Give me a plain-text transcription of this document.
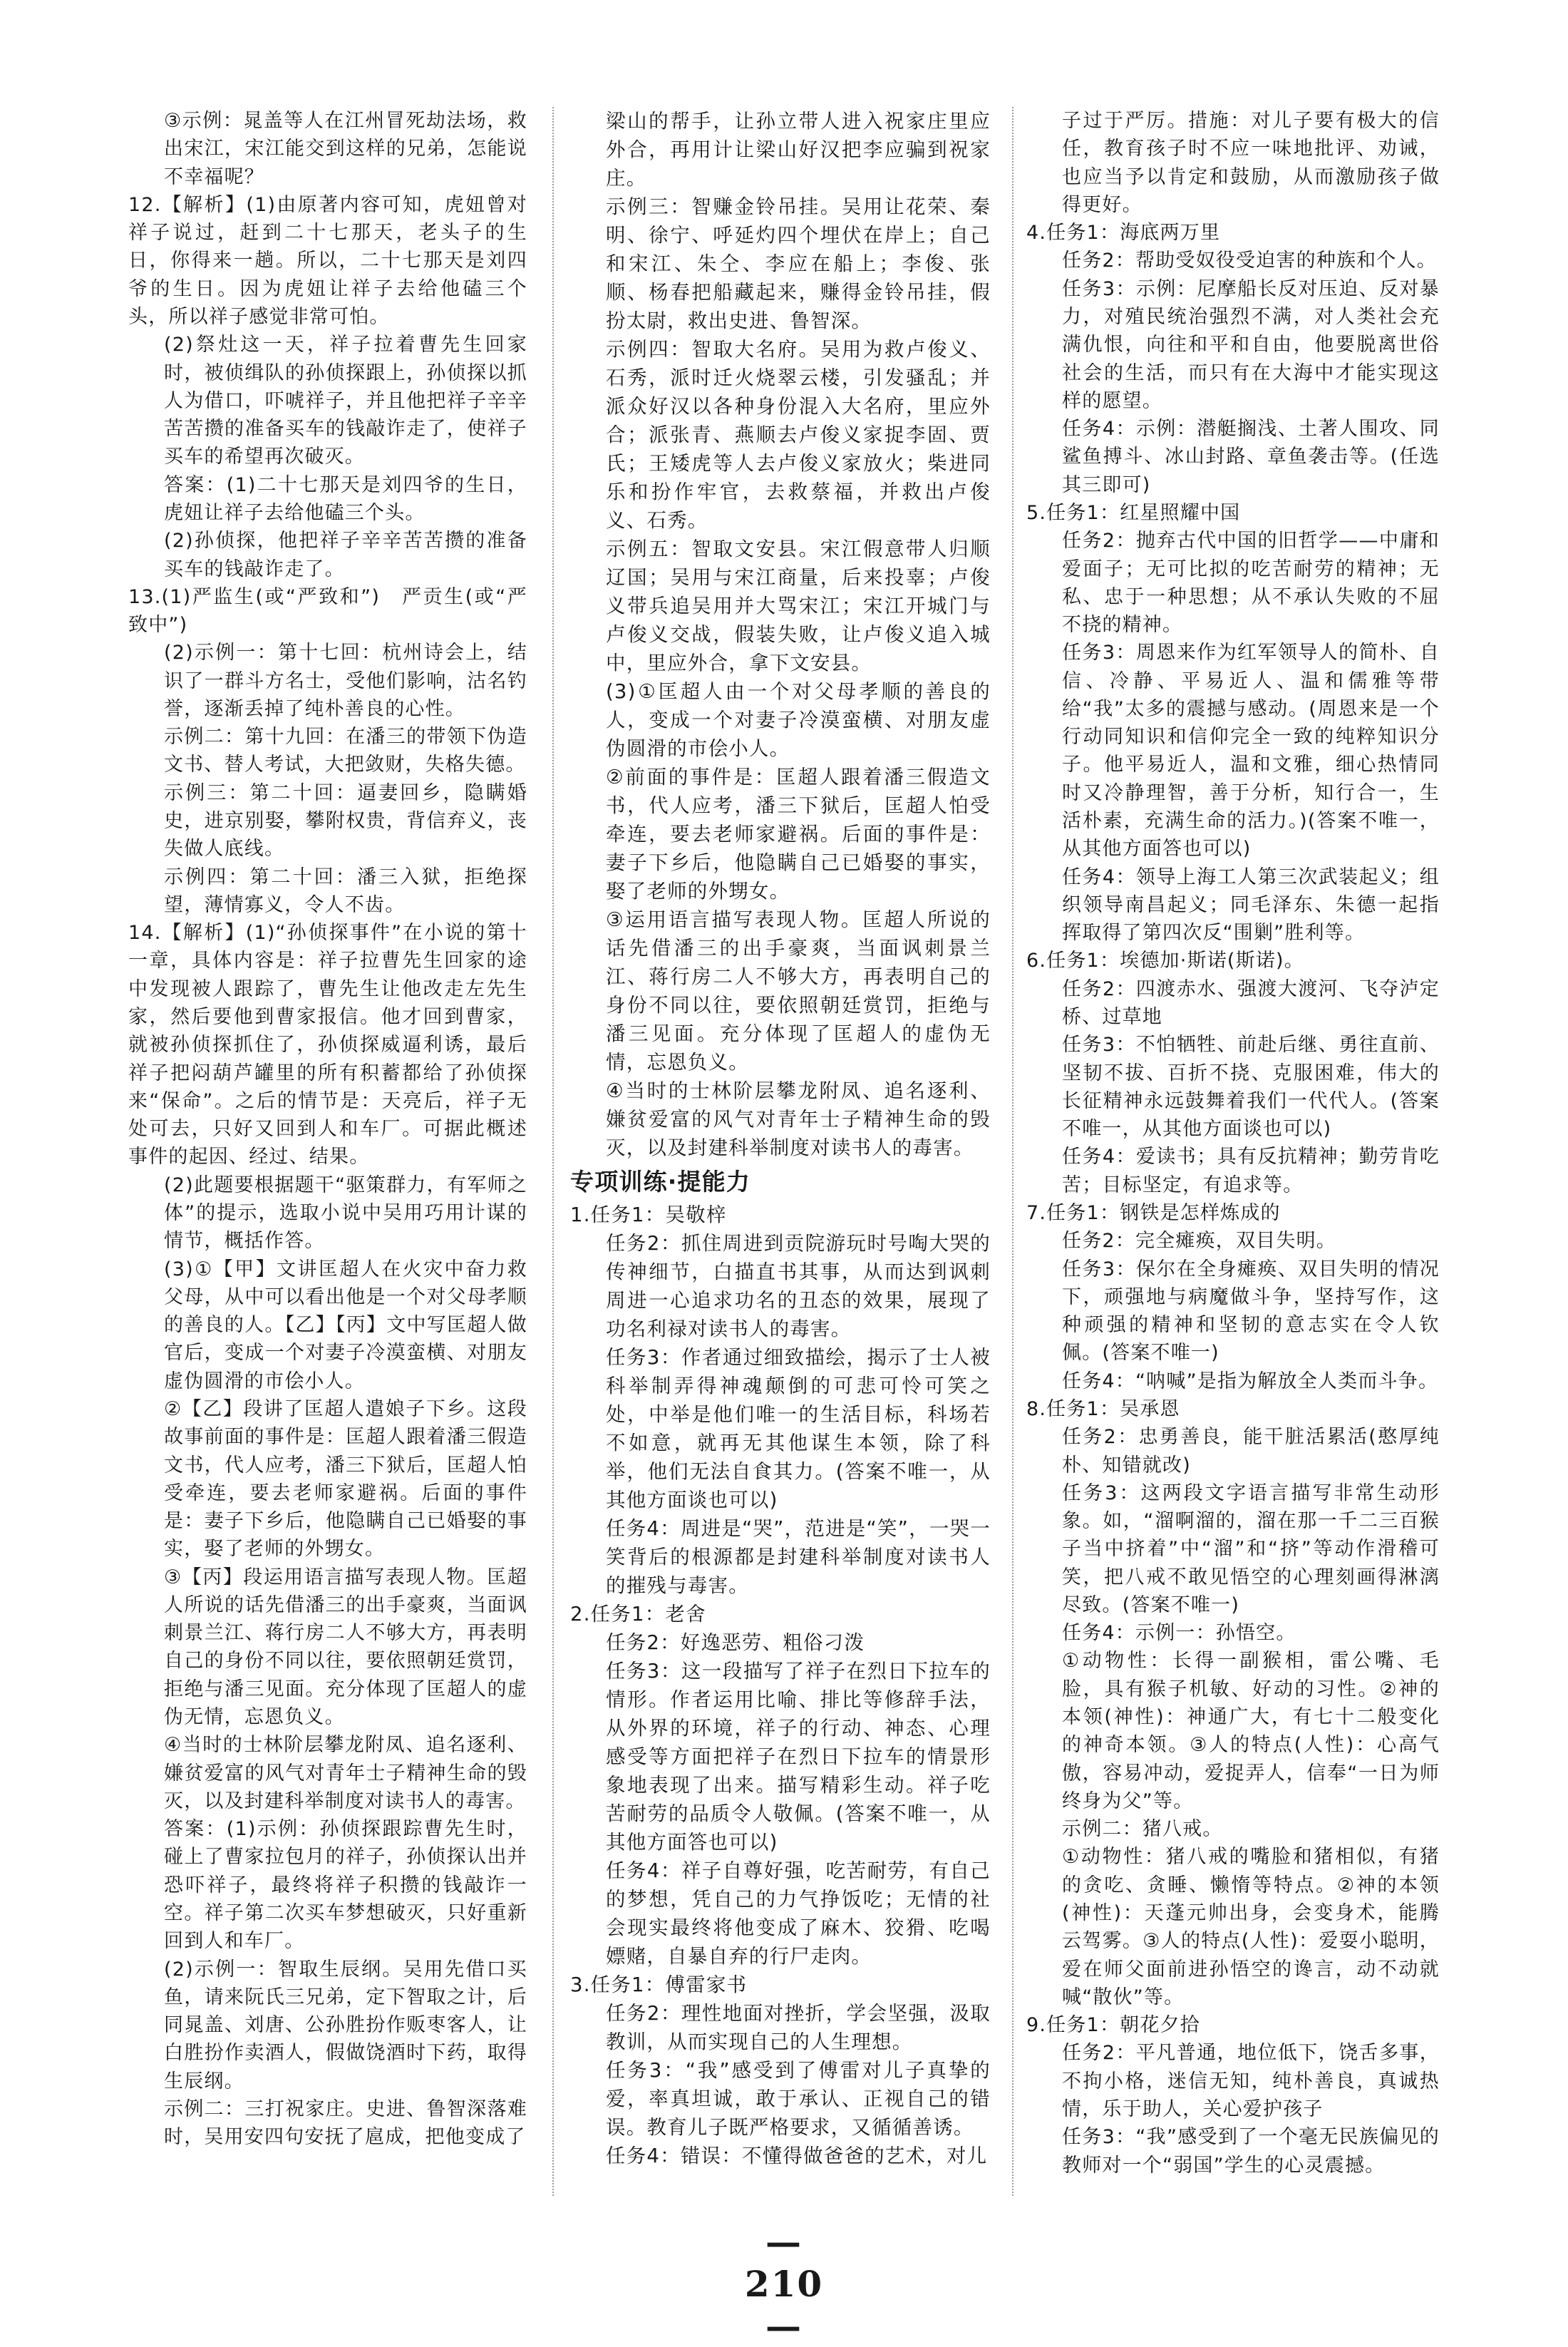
③示例：晁盖等人在江州冒死劫法场，救出宋江，宋江能交到这样的兄弟，怎能说不幸福呢？

12.【解析】(1)由原著内容可知，虎妞曾对祥子说过，赶到二十七那天，老头子的生日，你得来一趟。所以，二十七那天是刘四爷的生日。因为虎妞让祥子去给他磕三个头，所以祥子感觉非常可怕。

(2)祭灶这一天，祥子拉着曹先生回家时，被侦缉队的孙侦探跟上，孙侦探以抓人为借口，吓唬祥子，并且他把祥子辛辛苦苦攒的准备买车的钱敲诈走了，使祥子买车的希望再次破灭。

答案：(1)二十七那天是刘四爷的生日，虎妞让祥子去给他磕三个头。

(2)孙侦探，他把祥子辛辛苦苦攒的准备买车的钱敲诈走了。

13.(1)严监生(或“严致和”)　严贡生(或“严致中”)

(2)示例一：第十七回：杭州诗会上，结识了一群斗方名士，受他们影响，沽名钓誉，逐渐丢掉了纯朴善良的心性。

示例二：第十九回：在潘三的带领下伪造文书、替人考试，大把敛财，失格失德。

示例三：第二十回：逼妻回乡，隐瞒婚史，进京别娶，攀附权贵，背信弃义，丧失做人底线。

示例四：第二十回：潘三入狱，拒绝探望，薄情寡义，令人不齿。

14.【解析】(1)“孙侦探事件”在小说的第十一章，具体内容是：祥子拉曹先生回家的途中发现被人跟踪了，曹先生让他改走左先生家，然后要他到曹家报信。他才回到曹家，就被孙侦探抓住了，孙侦探威逼利诱，最后祥子把闷葫芦罐里的所有积蓄都给了孙侦探来“保命”。之后的情节是：天亮后，祥子无处可去，只好又回到人和车厂。可据此概述事件的起因、经过、结果。

(2)此题要根据题干“驱策群力，有军师之体”的提示，选取小说中吴用巧用计谋的情节，概括作答。

(3)①【甲】文讲匡超人在火灾中奋力救父母，从中可以看出他是一个对父母孝顺的善良的人。【乙】【丙】文中写匡超人做官后，变成一个对妻子冷漠蛮横、对朋友虚伪圆滑的市侩小人。

②【乙】段讲了匡超人遣娘子下乡。这段故事前面的事件是：匡超人跟着潘三假造文书，代人应考，潘三下狱后，匡超人怕受牵连，要去老师家避祸。后面的事件是：妻子下乡后，他隐瞒自己已婚娶的事实，娶了老师的外甥女。

③【丙】段运用语言描写表现人物。匡超人所说的话先借潘三的出手豪爽，当面讽刺景兰江、蒋行房二人不够大方，再表明自己的身份不同以往，要依照朝廷赏罚，拒绝与潘三见面。充分体现了匡超人的虚伪无情，忘恩负义。

④当时的士林阶层攀龙附凤、追名逐利、嫌贫爱富的风气对青年士子精神生命的毁灭，以及封建科举制度对读书人的毒害。

答案：(1)示例：孙侦探跟踪曹先生时，碰上了曹家拉包月的祥子，孙侦探认出并恐吓祥子，最终将祥子积攒的钱敲诈一空。祥子第二次买车梦想破灭，只好重新回到人和车厂。

(2)示例一：智取生辰纲。吴用先借口买鱼，请来阮氏三兄弟，定下智取之计，后同晁盖、刘唐、公孙胜扮作贩枣客人，让白胜扮作卖酒人，假做饶酒时下药，取得生辰纲。

示例二：三打祝家庄。史进、鲁智深落难时，吴用安四句安抚了扈成，把他变成了

梁山的帮手，让孙立带人进入祝家庄里应外合，再用计让梁山好汉把李应骗到祝家庄。

示例三：智赚金铃吊挂。吴用让花荣、秦明、徐宁、呼延灼四个埋伏在岸上；自己和宋江、朱仝、李应在船上；李俊、张顺、杨春把船藏起来，赚得金铃吊挂，假扮太尉，救出史进、鲁智深。

示例四：智取大名府。吴用为救卢俊义、石秀，派时迁火烧翠云楼，引发骚乱；并派众好汉以各种身份混入大名府，里应外合；派张青、燕顺去卢俊义家捉李固、贾氏；王矮虎等人去卢俊义家放火；柴进同乐和扮作牢官，去救蔡福，并救出卢俊义、石秀。

示例五：智取文安县。宋江假意带人归顺辽国；吴用与宋江商量，后来投辜；卢俊义带兵追吴用并大骂宋江；宋江开城门与卢俊义交战，假装失败，让卢俊义追入城中，里应外合，拿下文安县。

(3)①匡超人由一个对父母孝顺的善良的人，变成一个对妻子冷漠蛮横、对朋友虚伪圆滑的市侩小人。

②前面的事件是：匡超人跟着潘三假造文书，代人应考，潘三下狱后，匡超人怕受牵连，要去老师家避祸。后面的事件是：妻子下乡后，他隐瞒自己已婚娶的事实，娶了老师的外甥女。

③运用语言描写表现人物。匡超人所说的话先借潘三的出手豪爽，当面讽刺景兰江、蒋行房二人不够大方，再表明自己的身份不同以往，要依照朝廷赏罚，拒绝与潘三见面。充分体现了匡超人的虚伪无情，忘恩负义。

④当时的士林阶层攀龙附凤、追名逐利、嫌贫爱富的风气对青年士子精神生命的毁灭，以及封建科举制度对读书人的毒害。

专项训练·提能力

1.任务1：吴敬梓

任务2：抓住周进到贡院游玩时号啕大哭的传神细节，白描直书其事，从而达到讽刺周进一心追求功名的丑态的效果，展现了功名利禄对读书人的毒害。

任务3：作者通过细致描绘，揭示了士人被科举制弄得神魂颠倒的可悲可怜可笑之处，中举是他们唯一的生活目标，科场若不如意，就再无其他谋生本领，除了科举，他们无法自食其力。(答案不唯一，从其他方面谈也可以)

任务4：周进是“哭”，范进是“笑”，一哭一笑背后的根源都是封建科举制度对读书人的摧残与毒害。

2.任务1：老舍

任务2：好逸恶劳、粗俗刁泼

任务3：这一段描写了祥子在烈日下拉车的情形。作者运用比喻、排比等修辞手法，从外界的环境，祥子的行动、神态、心理感受等方面把祥子在烈日下拉车的情景形象地表现了出来。描写精彩生动。祥子吃苦耐劳的品质令人敬佩。(答案不唯一，从其他方面答也可以)

任务4：祥子自尊好强，吃苦耐劳，有自己的梦想，凭自己的力气挣饭吃；无情的社会现实最终将他变成了麻木、狡猾、吃喝嫖赌，自暴自弃的行尸走肉。

3.任务1：傅雷家书

任务2：理性地面对挫折，学会坚强，汲取教训，从而实现自己的人生理想。

任务3：“我”感受到了傅雷对儿子真挚的爱，率真坦诚，敢于承认、正视自己的错误。教育儿子既严格要求，又循循善诱。

任务4：错误：不懂得做爸爸的艺术，对儿

子过于严厉。措施：对儿子要有极大的信任，教育孩子时不应一味地批评、劝诫，也应当予以肯定和鼓励，从而激励孩子做得更好。

4.任务1：海底两万里

任务2：帮助受奴役受迫害的种族和个人。

任务3：示例：尼摩船长反对压迫、反对暴力，对殖民统治强烈不满，对人类社会充满仇恨，向往和平和自由，他要脱离世俗社会的生活，而只有在大海中才能实现这样的愿望。

任务4：示例：潜艇搁浅、土著人围攻、同鲨鱼搏斗、冰山封路、章鱼袭击等。(任选其三即可)

5.任务1：红星照耀中国

任务2：抛弃古代中国的旧哲学——中庸和爱面子；无可比拟的吃苦耐劳的精神；无私、忠于一种思想；从不承认失败的不屈不挠的精神。

任务3：周恩来作为红军领导人的简朴、自信、冷静、平易近人、温和儒雅等带给“我”太多的震撼与感动。(周恩来是一个行动同知识和信仰完全一致的纯粹知识分子。他平易近人，温和文雅，细心热情同时又冷静理智，善于分析，知行合一，生活朴素，充满生命的活力。)(答案不唯一，从其他方面答也可以)

任务4：领导上海工人第三次武装起义；组织领导南昌起义；同毛泽东、朱德一起指挥取得了第四次反“围剿”胜利等。

6.任务1：埃德加·斯诺(斯诺)。

任务2：四渡赤水、强渡大渡河、飞夺泸定桥、过草地

任务3：不怕牺牲、前赴后继、勇往直前、坚韧不拔、百折不挠、克服困难，伟大的长征精神永远鼓舞着我们一代代人。(答案不唯一，从其他方面谈也可以)

任务4：爱读书；具有反抗精神；勤劳肯吃苦；目标坚定，有追求等。

7.任务1：钢铁是怎样炼成的

任务2：完全瘫痪，双目失明。

任务3：保尔在全身瘫痪、双目失明的情况下，顽强地与病魔做斗争，坚持写作，这种顽强的精神和坚韧的意志实在令人钦佩。(答案不唯一)

任务4：“呐喊”是指为解放全人类而斗争。

8.任务1：吴承恩

任务2：忠勇善良，能干脏活累活(憨厚纯朴、知错就改)

任务3：这两段文字语言描写非常生动形象。如，“溜啊溜的，溜在那一千二三百猴子当中挤着”中“溜”和“挤”等动作滑稽可笑，把八戒不敢见悟空的心理刻画得淋漓尽致。(答案不唯一)

任务4：示例一：孙悟空。

①动物性：长得一副猴相，雷公嘴、毛脸，具有猴子机敏、好动的习性。②神的本领(神性)：神通广大，有七十二般变化的神奇本领。③人的特点(人性)：心高气傲，容易冲动，爱捉弄人，信奉“一日为师终身为父”等。

示例二：猪八戒。

①动物性：猪八戒的嘴脸和猪相似，有猪的贪吃、贪睡、懒惰等特点。②神的本领(神性)：天蓬元帅出身，会变身术，能腾云驾雾。③人的特点(人性)：爱耍小聪明，爱在师父面前进孙悟空的谗言，动不动就喊“散伙”等。

9.任务1：朝花夕拾

任务2：平凡普通，地位低下，饶舌多事，不拘小格，迷信无知，纯朴善良，真诚热情，乐于助人，关心爱护孩子

任务3：“我”感受到了一个毫无民族偏见的教师对一个“弱国”学生的心灵震撼。

—210—
